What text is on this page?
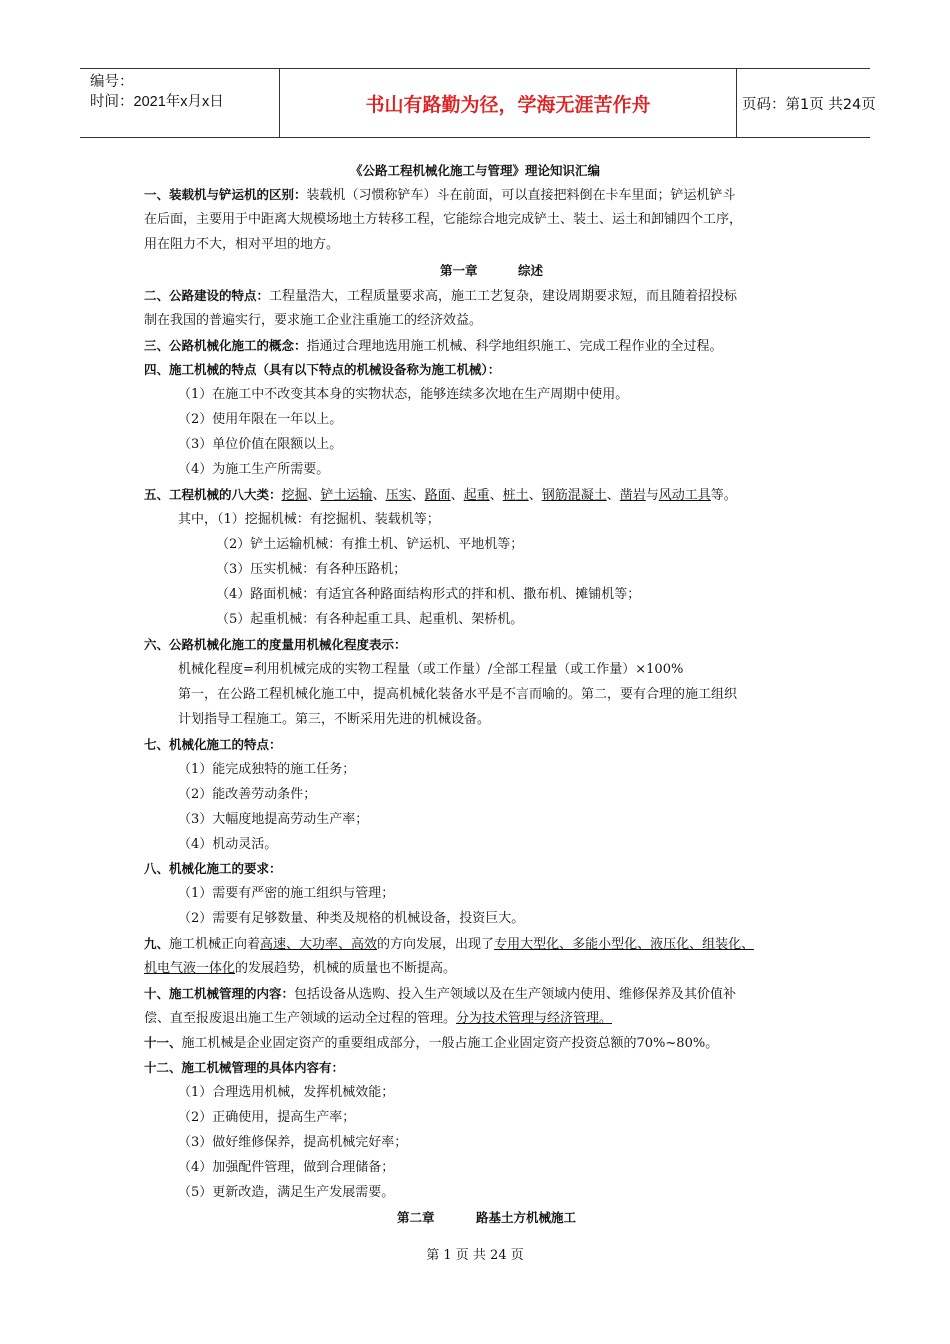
编号：
时间：2021年x月x日	书山有路勤为径，学海无涯苦作舟	页码：第1页 共24页
《公路工程机械化施工与管理》理论知识汇编
一、装载机与铲运机的区别：装载机（习惯称铲车）斗在前面，可以直接把料倒在卡车里面；铲运机铲斗
在后面，主要用于中距离大规模场地土方转移工程，它能综合地完成铲土、装土、运土和卸铺四个工序，
用在阻力不大，相对平坦的地方。
第一章	综述
二、公路建设的特点：工程量浩大，工程质量要求高，施工工艺复杂，建设周期要求短，而且随着招投标
制在我国的普遍实行，要求施工企业注重施工的经济效益。
三、公路机械化施工的概念：指通过合理地选用施工机械、科学地组织施工、完成工程作业的全过程。
四、施工机械的特点（具有以下特点的机械设备称为施工机械）：
（1）在施工中不改变其本身的实物状态，能够连续多次地在生产周期中使用。
（2）使用年限在一年以上。
（3）单位价值在限额以上。
（4）为施工生产所需要。
五、工程机械的八大类：挖掘、铲土运输、压实、路面、起重、桩土、钢筋混凝土、凿岩与风动工具等。
其中，（1）挖掘机械：有挖掘机、装载机等；
（2）铲土运输机械：有推土机、铲运机、平地机等；
（3）压实机械：有各种压路机；
（4）路面机械：有适宜各种路面结构形式的拌和机、撒布机、摊铺机等；
（5）起重机械：有各种起重工具、起重机、架桥机。
六、公路机械化施工的度量用机械化程度表示：
机械化程度=利用机械完成的实物工程量（或工作量）/全部工程量（或工作量）×100%
第一，在公路工程机械化施工中，提高机械化装备水平是不言而喻的。第二，要有合理的施工组织
计划指导工程施工。第三，不断采用先进的机械设备。
七、机械化施工的特点：
（1）能完成独特的施工任务；
（2）能改善劳动条件；
（3）大幅度地提高劳动生产率；
（4）机动灵活。
八、机械化施工的要求：
（1）需要有严密的施工组织与管理；
（2）需要有足够数量、种类及规格的机械设备，投资巨大。
九、施工机械正向着高速、大功率、高效的方向发展，出现了专用大型化、多能小型化、液压化、组装化、
机电气液一体化的发展趋势，机械的质量也不断提高。
十、施工机械管理的内容：包括设备从选购、投入生产领域以及在生产领域内使用、维修保养及其价值补
偿、直至报废退出施工生产领域的运动全过程的管理。分为技术管理与经济管理。
十一、施工机械是企业固定资产的重要组成部分，一般占施工企业固定资产投资总额的70%~80%。
十二、施工机械管理的具体内容有：
（1）合理选用机械，发挥机械效能；
（2）正确使用，提高生产率；
（3）做好维修保养，提高机械完好率；
（4）加强配件管理，做到合理储备；
（5）更新改造，满足生产发展需要。
第二章	路基土方机械施工
第 1 页 共 24 页
